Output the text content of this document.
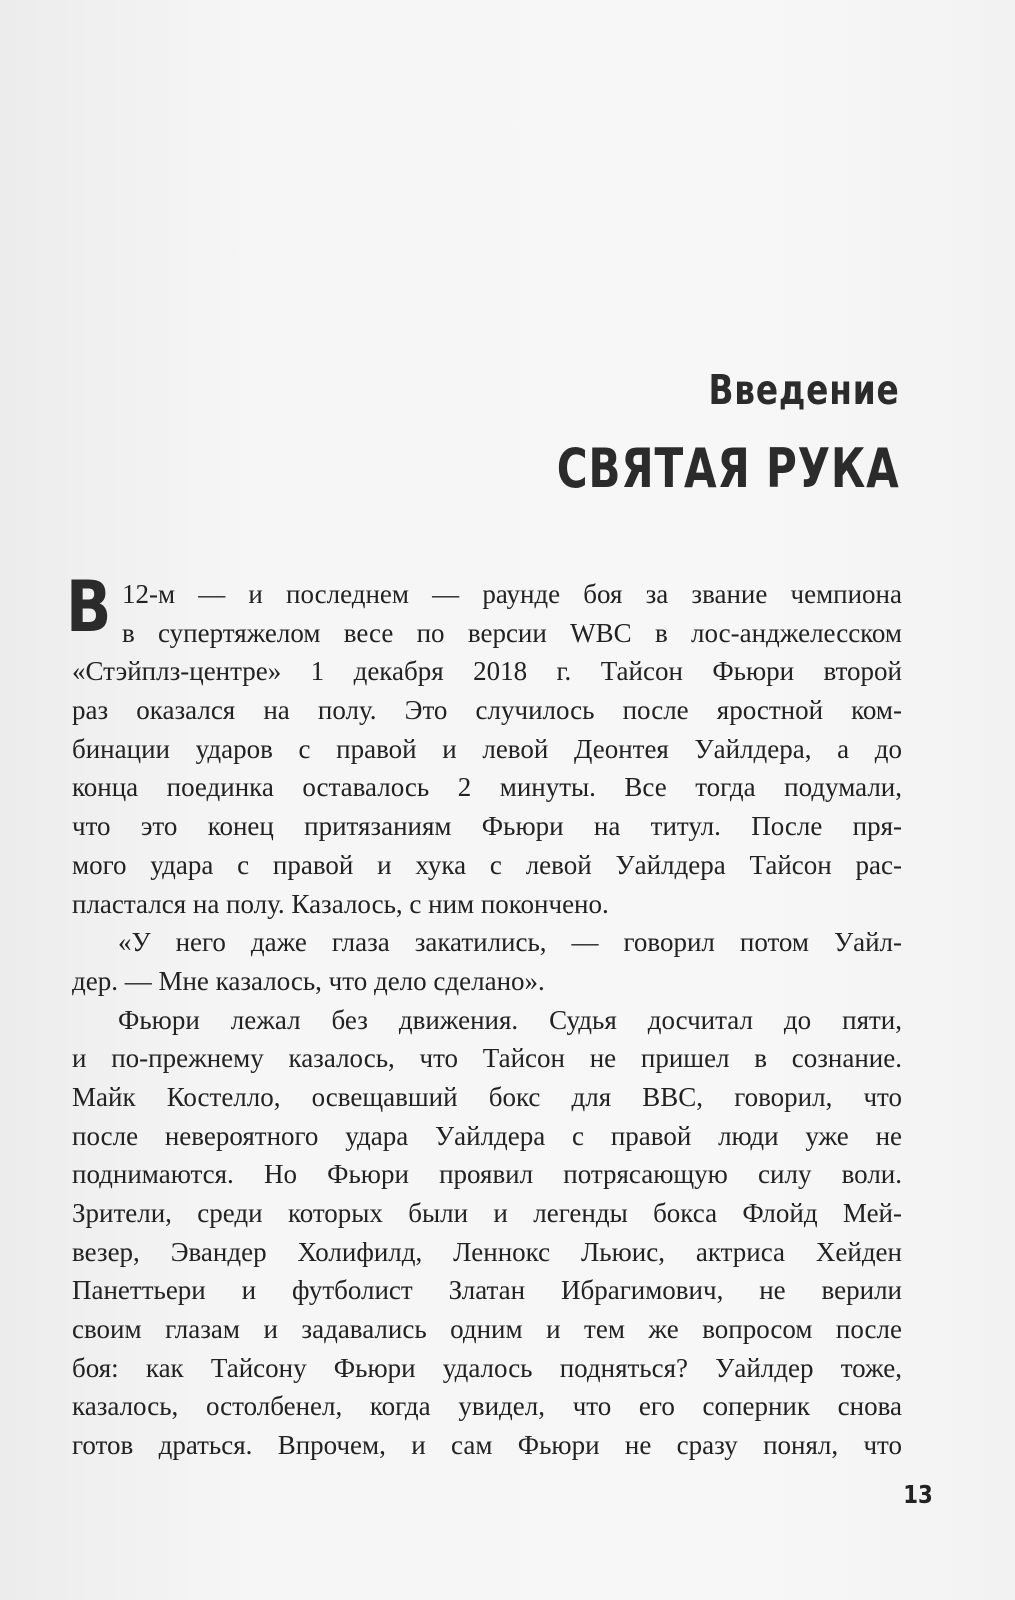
Введение
СВЯТАЯ РУКА
В 12-м — и последнем — раунде боя за звание чемпиона
в супертяжелом весе по версии WBC в лос-анджелесском
«Стэйплз-центре» 1 декабря 2018 г. Тайсон Фьюри второй
раз оказался на полу. Это случилось после яростной ком-
бинации ударов с правой и левой Деонтея Уайлдера, а до
конца поединка оставалось 2 минуты. Все тогда подумали,
что это конец притязаниям Фьюри на титул. После пря-
мого удара с правой и хука с левой Уайлдера Тайсон рас-
пластался на полу. Казалось, с ним покончено.
«У него даже глаза закатились, — говорил потом Уайл-
дер. — Мне казалось, что дело сделано».
Фьюри лежал без движения. Судья досчитал до пяти,
и по-прежнему казалось, что Тайсон не пришел в сознание.
Майк Костелло, освещавший бокс для BBC, говорил, что
после невероятного удара Уайлдера с правой люди уже не
поднимаются. Но Фьюри проявил потрясающую силу воли.
Зрители, среди которых были и легенды бокса Флойд Мей-
везер, Эвандер Холифилд, Леннокс Льюис, актриса Хейден
Панеттьери и футболист Златан Ибрагимович, не верили
своим глазам и задавались одним и тем же вопросом после
боя: как Тайсону Фьюри удалось подняться? Уайлдер тоже,
казалось, остолбенел, когда увидел, что его соперник снова
готов драться. Впрочем, и сам Фьюри не сразу понял, что
13
